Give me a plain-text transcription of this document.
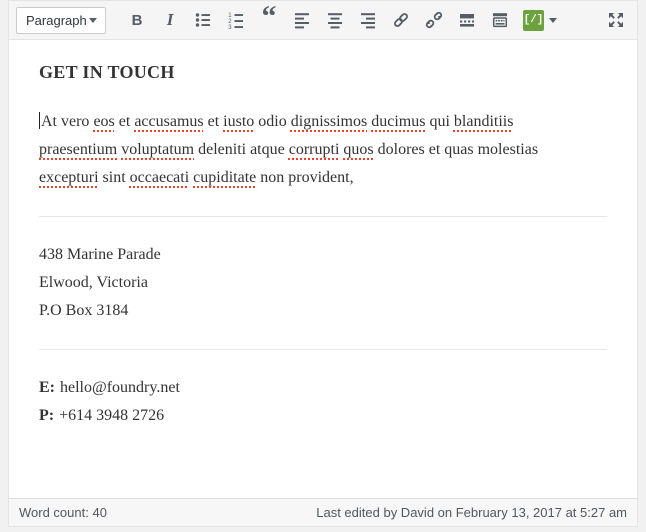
Paragraph	B I	1
2
3 “	[/]
GET IN TOUCH
At vero eos et accusamus et iusto odio dignissimos ducimus qui blanditiis
praesentium voluptatum deleniti atque corrupti quos dolores et quas molestias
excepturi sint occaecati cupiditate non provident,
438 Marine Parade
Elwood, Victoria
P.O Box 3184
E: hello@foundry.net
P: +614 3948 2726
Word count: 40	Last edited by David on February 13, 2017 at 5:27 am
